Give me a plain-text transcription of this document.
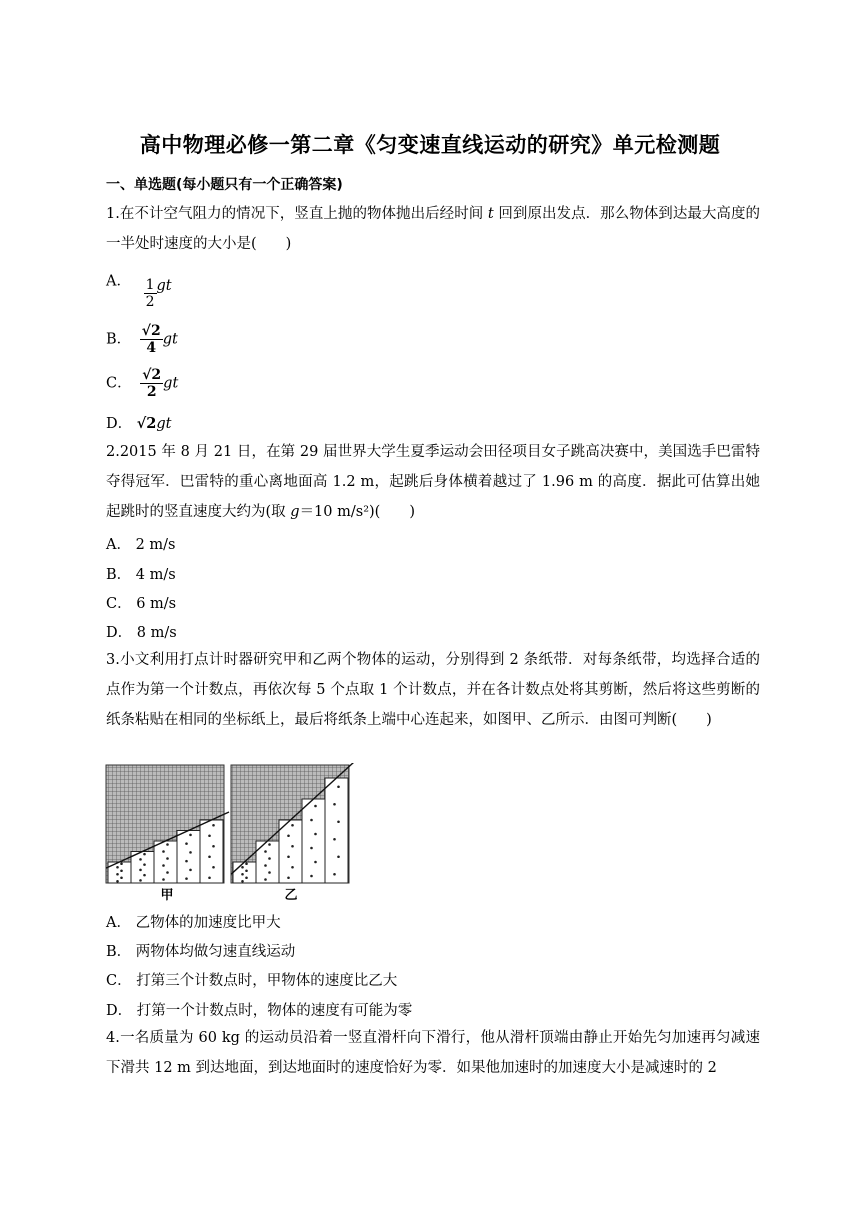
高中物理必修一第二章《匀变速直线运动的研究》单元检测题
一、单选题(每小题只有一个正确答案)
1.在不计空气阻力的情况下，竖直上抛的物体抛出后经时间 t 回到原出发点．那么物体到达最大高度的一半处时速度的大小是(　　)
A． $\frac{1}{2}$ gt
B． $\frac{√2}{4}$ gt
C． $\frac{√2}{2}$ gt
D． √2gt
2.2015 年 8 月 21 日，在第 29 届世界大学生夏季运动会田径项目女子跳高决赛中，美国选手巴雷特夺得冠军．巴雷特的重心离地面高 1.2 m，起跳后身体横着越过了 1.96 m 的高度．据此可估算出她起跳时的竖直速度大约为(取 g＝10 m/s²)(　　)
A． 2 m/s
B． 4 m/s
C． 6 m/s
D． 8 m/s
3.小文利用打点计时器研究甲和乙两个物体的运动，分别得到 2 条纸带．对每条纸带，均选择合适的点作为第一个计数点，再依次每 5 个点取 1 个计数点，并在各计数点处将其剪断，然后将这些剪断的纸条粘贴在相同的坐标纸上，最后将纸条上端中心连起来，如图甲、乙所示．由图可判断(　　)
甲	乙
A． 乙物体的加速度比甲大
B． 两物体均做匀速直线运动
C． 打第三个计数点时，甲物体的速度比乙大
D． 打第一个计数点时，物体的速度有可能为零
4.一名质量为 60 kg 的运动员沿着一竖直滑杆向下滑行，他从滑杆顶端由静止开始先匀加速再匀减速下滑共 12 m 到达地面，到达地面时的速度恰好为零．如果他加速时的加速度大小是减速时的 2
